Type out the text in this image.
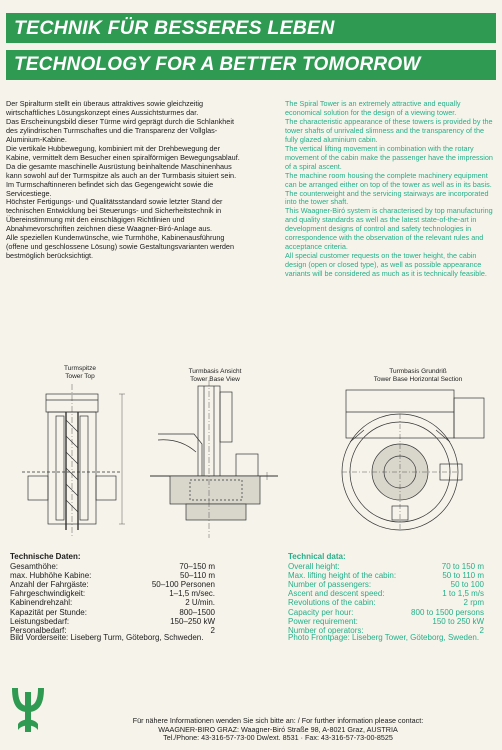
TECHNIK FÜR BESSERES LEBEN
TECHNOLOGY FOR A BETTER TOMORROW

Der Spiralturm stellt ein überaus attraktives sowie gleichzeitig wirtschaftliches Lösungskonzept eines Aussichtsturmes dar.

Das Erscheinungsbild dieser Türme wird geprägt durch die Schlankheit des zylindrischen Turmschaftes und die Transparenz der Vollglas-Aluminium-Kabine.

Die vertikale Hubbewegung, kombiniert mit der Drehbewegung der Kabine, vermittelt dem Besucher einen spiralförmigen Bewegungsablauf.

Da die gesamte maschinelle Ausrüstung beinhaltende Maschinenhaus kann sowohl auf der Turmspitze als auch an der Turmbasis situiert sein. Im Turmschaftinneren befindet sich das Gegengewicht sowie die Servicestiege.

Höchster Fertigungs- und Qualitätsstandard sowie letzter Stand der technischen Entwicklung bei Steuerungs- und Sicherheitstechnik in Übereinstimmung mit den einschlägigen Richtlinien und Abnahmevorschriften zeichnen diese Waagner-Biró-Anlage aus.

Alle speziellen Kundenwünsche, wie Turmhöhe, Kabinenausführung (offene und geschlossene Lösung) sowie Gestaltungsvarianten werden bestmöglich berücksichtigt.

The Spiral Tower is an extremely attractive and equally economical solution for the design of a viewing tower.

The characteristic appearance of these towers is provided by the tower shafts of unrivaled slimness and the transparency of the fully glazed aluminium cabin.

The vertical lifting movement in combination with the rotary movement of the cabin make the passenger have the impression of a spiral ascent.

The machine room housing the complete machinery equipment can be arranged either on top of the tower as well as in its basis. The counterweight and the servicing stairways are incorporated into the tower shaft.

This Waagner-Biró system is characterised by top manufacturing and quality standards as well as the latest state-of-the-art in development designs of control and safety technologies in correspondence with the observation of the relevant rules and acceptance criteria.

All special customer requests on the tower height, the cabin design (open or closed type), as well as possible appearance variants will be considered as much as it is technically feasible.

Turmspitze
Tower Top
Turmbasis Ansicht
Tower Base View
Turmbasis Grundriß
Tower Base Horizontal Section
Technische Daten:
Gesamthöhe:	70–150 m
max. Hubhöhe Kabine:	50–110 m
Anzahl der Fahrgäste:	50–100 Personen
Fahrgeschwindigkeit:	1–1,5 m/sec.
Kabinendrehzahl:	2 U/min.
Kapazität per Stunde:	800–1500
Leistungsbedarf:	150–250 kW
Personalbedarf:	2
Technical data:
Overall height:	70 to 150 m
Max. lifting height of the cabin:	50 to 110 m
Number of passengers:	50 to 100
Ascent and descent speed:	1 to 1,5 m/s
Revolutions of the cabin:	2 rpm
Capacity per hour:	800 to 1500 persons
Power requirement:	150 to 250 kW
Number of operators:	2
Bild Vorderseite: Liseberg Turm, Göteborg, Schweden.	Photo Frontpage: Liseberg Tower, Göteborg, Sweden.
Für nähere Informationen wenden Sie sich bitte an: / For further information please contact:
WAAGNER-BIRO GRAZ: Waagner-Biró Straße 98, A-8021 Graz, AUSTRIA
Tel./Phone: 43-316-57-73-00 Dw/ext. 8531 · Fax: 43-316-57-73-00-8525
